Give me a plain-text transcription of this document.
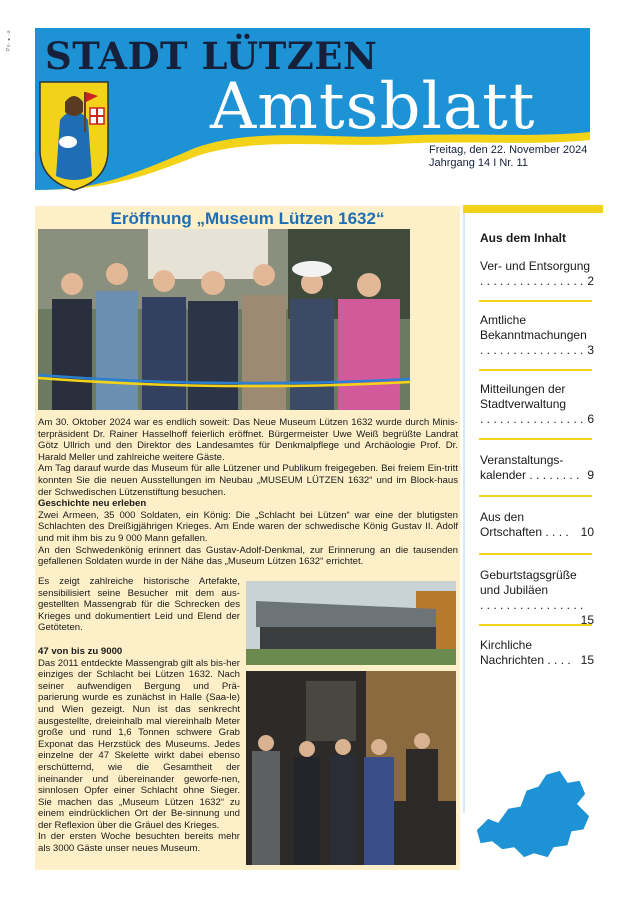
Ps-●-a STADT LÜTZEN
Amtsblatt
Freitag, den 22. November 2024
Jahrgang 14 I Nr. 11
Eröffnung „Museum Lützen 1632“

Am 30. Oktober 2024 war es endlich soweit: Das Neue Museum Lützen 1632 wurde durch Minis-terpräsident Dr. Rainer Hasselhoff feierlich eröffnet. Bürgermeister Uwe Weiß begrüßte Landrat Götz Ullrich und den Direktor des Landesamtes für Denkmalpflege und Archäologie Prof. Dr. Harald Meller und zahlreiche weitere Gäste.

Am Tag darauf wurde das Museum für alle Lützener und Publikum freigegeben. Bei freiem Ein-tritt konnten Sie die neuen Ausstellungen im Neubau „MUSEUM LÜTZEN 1632“ und im Block-haus der Schwedischen Lützenstiftung besuchen.

Geschichte neu erleben

Zwei Armeen, 35 000 Soldaten, ein König: Die „Schlacht bei Lützen“ war eine der blutigsten Schlachten des Dreißigjährigen Krieges. Am Ende waren der schwedische König Gustav II. Adolf und mit ihm bis zu 9 000 Mann gefallen.

An den Schwedenkönig erinnert das Gustav-Adolf-Denkmal, zur Erinnerung an die tausenden gefallenen Soldaten wurde in der Nähe das „Museum Lützen 1632“ errichtet.

Es zeigt zahlreiche historische Artefakte, sensibilisiert seine Besucher mit dem aus-gestellten Massengrab für die Schrecken des Krieges und dokumentiert Leid und Elend der Getöteten.

47 von bis zu 9000

Das 2011 entdeckte Massengrab gilt als bis-her einziges der Schlacht bei Lützen 1632. Nach seiner aufwendigen Bergung und Prä-parierung wurde es zunächst in Halle (Saa-le) und Wien gezeigt. Nun ist das senkrecht ausgestellte, dreieinhalb mal viereinhalb Meter große und rund 1,6 Tonnen schwere Grab Exponat das Herzstück des Museums. Jedes einzelne der 47 Skelette wirkt dabei ebenso erschütternd, wie die Gesamtheit der ineinander und übereinander geworfe-nen, sinnlosen Opfer einer Schlacht ohne Sieger. Sie machen das „Museum Lützen 1632“ zu einem eindrücklichen Ort der Be-sinnung und der Reflexion über die Gräuel des Krieges.

In der ersten Woche besuchten bereits mehr als 3000 Gäste unser neues Museum.

Aus dem Inhalt
Ver- und Entsorgung
. . . . . . . . . . . . . . . . 2
Amtliche
Bekanntmachungen
. . . . . . . . . . . . . . . . 3
Mitteilungen der
Stadtverwaltung
. . . . . . . . . . . . . . . . 6
Veranstaltungs-
kalender . . . . . . . . 9
Aus den
Ortschaften . . . . 10
Geburtstagsgrüße
und Jubiläen
. . . . . . . . . . . . . . . .
15
Kirchliche
Nachrichten . . . . 15
